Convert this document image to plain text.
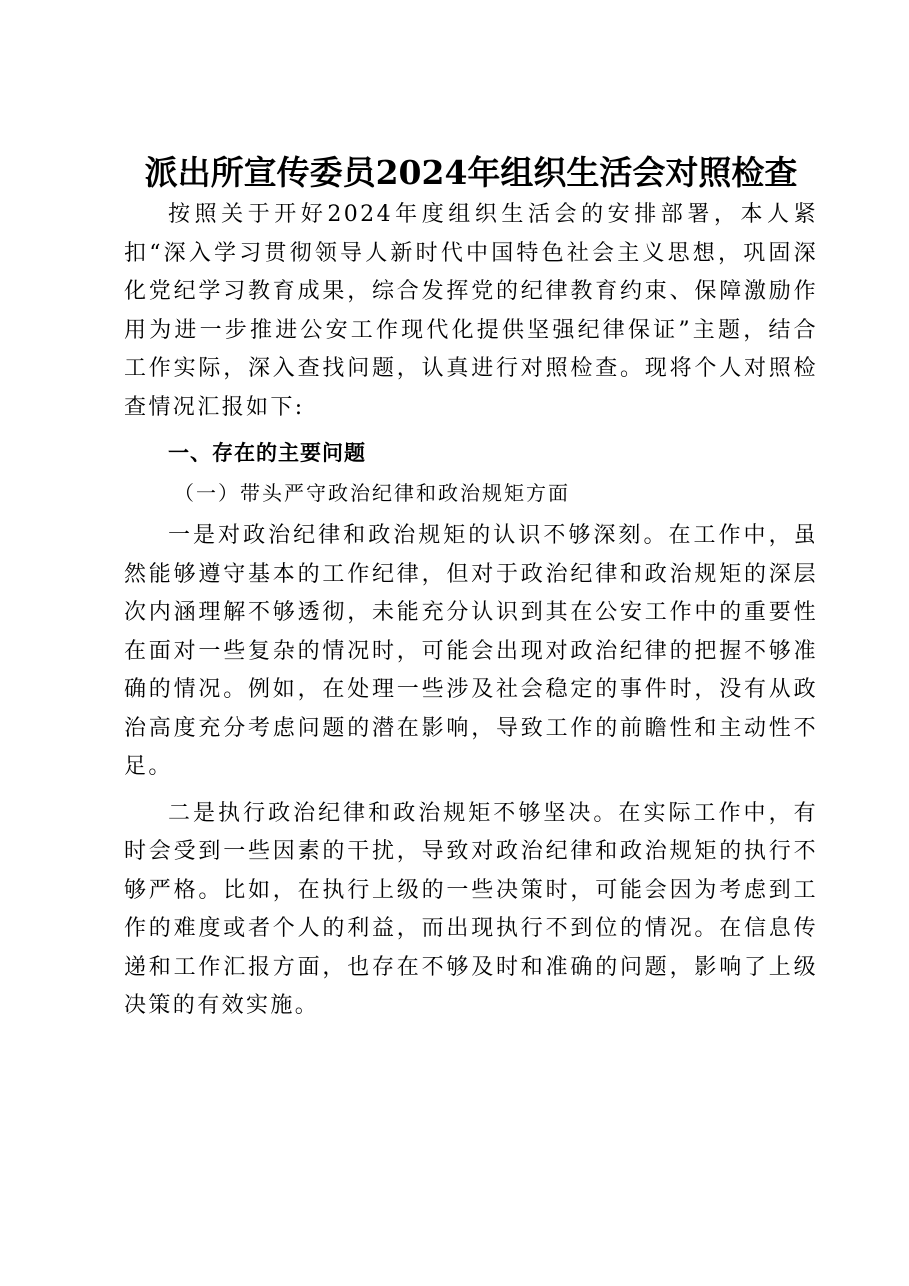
派出所宣传委员2024年组织生活会对照检查

按照关于开好2024年度组织生活会的安排部署，本人紧扣“深入学习贯彻领导人新时代中国特色社会主义思想，巩固深化党纪学习教育成果，综合发挥党的纪律教育约束、保障激励作用为进一步推进公安工作现代化提供坚强纪律保证”主题，结合工作实际，深入查找问题，认真进行对照检查。现将个人对照检查情况汇报如下:

一、存在的主要问题

（一）带头严守政治纪律和政治规矩方面

一是对政治纪律和政治规矩的认识不够深刻。在工作中，虽然能够遵守基本的工作纪律，但对于政治纪律和政治规矩的深层次内涵理解不够透彻，未能充分认识到其在公安工作中的重要性在面对一些复杂的情况时，可能会出现对政治纪律的把握不够准确的情况。例如，在处理一些涉及社会稳定的事件时，没有从政治高度充分考虑问题的潜在影响，导致工作的前瞻性和主动性不足。

二是执行政治纪律和政治规矩不够坚决。在实际工作中，有时会受到一些因素的干扰，导致对政治纪律和政治规矩的执行不够严格。比如，在执行上级的一些决策时，可能会因为考虑到工作的难度或者个人的利益，而出现执行不到位的情况。在信息传递和工作汇报方面，也存在不够及时和准确的问题，影响了上级决策的有效实施。
